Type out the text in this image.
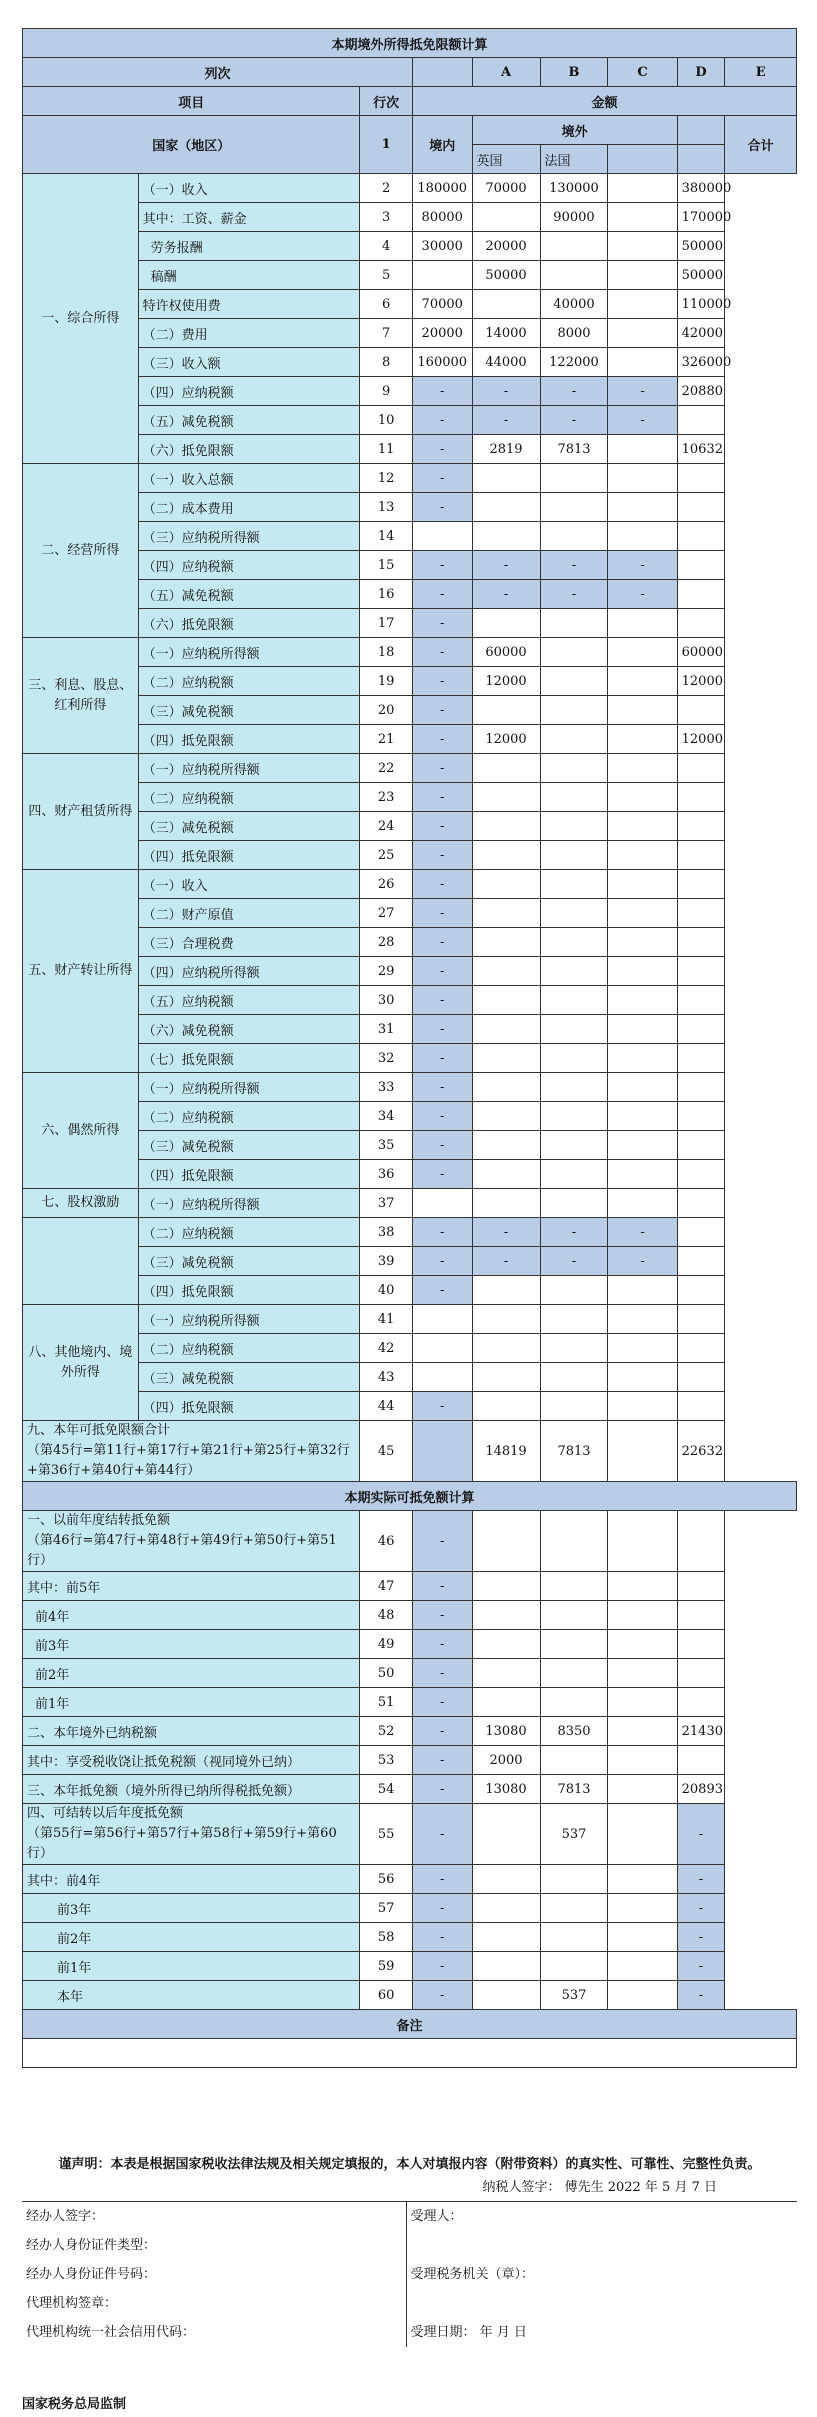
本期境外所得抵免限额计算								
列次				A	B	C	D	E
项目		行次	金额					
国家（地区）		1	境内	境外				合计
				英国	法国			
一、综合所得	（一）收入	2	180000	70000	130000		380000	
	其中：工资、薪金	3	80000		90000		170000	
	劳务报酬	4	30000	20000			50000	
	稿酬	5		50000			50000	
	特许权使用费	6	70000		40000		110000	
	（二）费用	7	20000	14000	8000		42000	
	（三）收入额	8	160000	44000	122000		326000	
	（四）应纳税额	9	-	-	-	-	20880	
	（五）减免税额	10	-	-	-	-		
	（六）抵免限额	11	-	2819	7813		10632	
二、经营所得	（一）收入总额	12	-					
	（二）成本费用	13	-					
	（三）应纳税所得额	14						
	（四）应纳税额	15	-	-	-	-		
	（五）减免税额	16	-	-	-	-		
	（六）抵免限额	17	-					
三、利息、股息、红利所得	（一）应纳税所得额	18	-	60000			60000	
	（二）应纳税额	19	-	12000			12000	
	（三）减免税额	20	-					
	（四）抵免限额	21	-	12000			12000	
四、财产租赁所得	（一）应纳税所得额	22	-					
	（二）应纳税额	23	-					
	（三）减免税额	24	-					
	（四）抵免限额	25	-					
五、财产转让所得	（一）收入	26	-					
	（二）财产原值	27	-					
	（三）合理税费	28	-					
	（四）应纳税所得额	29	-					
	（五）应纳税额	30	-					
	（六）减免税额	31	-					
	（七）抵免限额	32	-					
六、偶然所得	（一）应纳税所得额	33	-					
	（二）应纳税额	34	-					
	（三）减免税额	35	-					
	（四）抵免限额	36	-					
七、股权激励	（一）应纳税所得额	37						
	（二）应纳税额	38	-	-	-	-		
	（三）减免税额	39	-	-	-	-		
	（四）抵免限额	40	-					
八、其他境内、境外所得	（一）应纳税所得额	41						
	（二）应纳税额	42						
	（三）减免税额	43						
	（四）抵免限额	44	-					

九、本年可抵免限额合计
（第45行=第11行+第17行+第21行+第25行+第32行+第36行+第40行+第44行）		45		14819	7813		22632	
本期实际可抵免额计算								

一、以前年度结转抵免额
（第46行=第47行+第48行+第49行+第50行+第51行）		46	-					
其中：前5年		47	-					
前4年		48	-					
前3年		49	-					
前2年		50	-					
前1年		51	-					
二、本年境外已纳税额		52	-	13080	8350		21430	
其中：享受税收饶让抵免税额（视同境外已纳）		53	-	2000				
三、本年抵免额（境外所得已纳所得税抵免额）		54	-	13080	7813		20893	

四、可结转以后年度抵免额
（第55行=第56行+第57行+第58行+第59行+第60行）		55	-		537		-	
其中：前4年		56	-				-	
前3年		57	-				-	
前2年		58	-				-	
前1年		59	-				-	
本年		60	-		537		-	
备注								

谨声明：本表是根据国家税收法律法规及相关规定填报的，本人对填报内容（附带资料）的真实性、可靠性、完整性负责。
纳税人签字： 傅先生 2022 年 5 月 7 日
经办人签字：
经办人身份证件类型：
经办人身份证件号码：
代理机构签章：
代理机构统一社会信用代码：

受理人：
受理税务机关（章）：
受理日期： 年 月 日
国家税务总局监制
